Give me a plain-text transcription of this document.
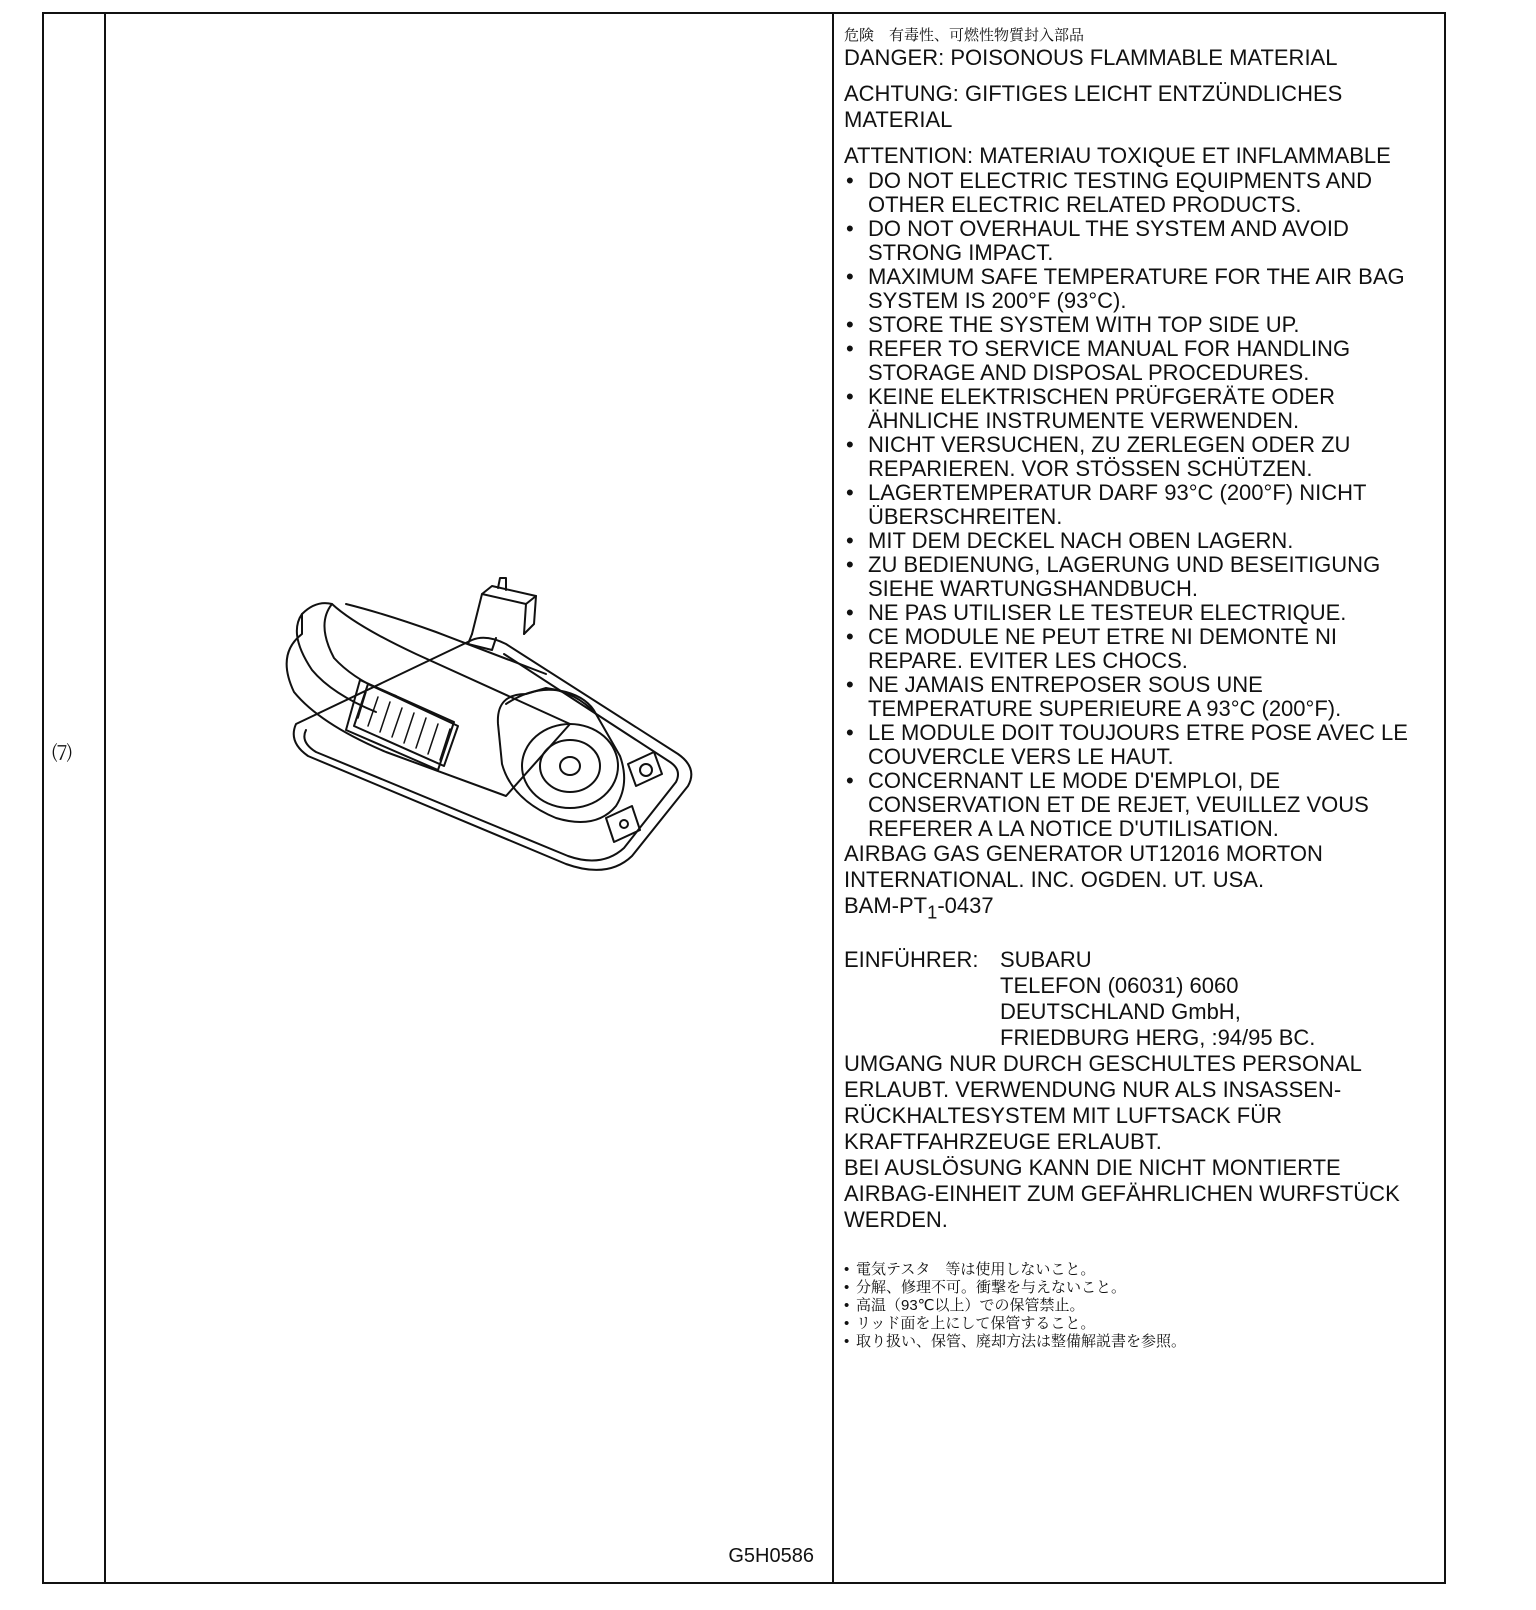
⑺
G5H0586

危険　有毒性、可燃性物質封入部品

DANGER: POISONOUS FLAMMABLE MATERIAL

ACHTUNG: GIFTIGES LEICHT ENTZÜNDLICHES MATERIAL

ATTENTION: MATERIAU TOXIQUE ET INFLAMMABLE

• DO NOT ELECTRIC TESTING EQUIPMENTS AND OTHER ELECTRIC RELATED PRODUCTS.
• DO NOT OVERHAUL THE SYSTEM AND AVOID STRONG IMPACT.
• MAXIMUM SAFE TEMPERATURE FOR THE AIR BAG SYSTEM IS 200°F (93°C).
• STORE THE SYSTEM WITH TOP SIDE UP.
• REFER TO SERVICE MANUAL FOR HANDLING STORAGE AND DISPOSAL PROCEDURES.
• KEINE ELEKTRISCHEN PRÜFGERÄTE ODER ÄHNLICHE INSTRUMENTE VERWENDEN.
• NICHT VERSUCHEN, ZU ZERLEGEN ODER ZU REPARIEREN. VOR STÖSSEN SCHÜTZEN.
• LAGERTEMPERATUR DARF 93°C (200°F) NICHT ÜBERSCHREITEN.
• MIT DEM DECKEL NACH OBEN LAGERN.
• ZU BEDIENUNG, LAGERUNG UND BESEITIGUNG SIEHE WARTUNGSHANDBUCH.
• NE PAS UTILISER LE TESTEUR ELECTRIQUE.
• CE MODULE NE PEUT ETRE NI DEMONTE NI REPARE. EVITER LES CHOCS.
• NE JAMAIS ENTREPOSER SOUS UNE TEMPERATURE SUPERIEURE A 93°C (200°F).
• LE MODULE DOIT TOUJOURS ETRE POSE AVEC LE COUVERCLE VERS LE HAUT.
• CONCERNANT LE MODE D'EMPLOI, DE CONSERVATION ET DE REJET, VEUILLEZ VOUS REFERER A LA NOTICE D'UTILISATION.

AIRBAG GAS GENERATOR UT12016 MORTON INTERNATIONAL. INC. OGDEN. UT. USA.

BAM-$PT_1-0437$

EINFÜHRER: SUBARU
TELEFON (06031) 6060
DEUTSCHLAND GmbH,
FRIEDBURG HERG, :94/95 BC.

UMGANG NUR DURCH GESCHULTES PERSONAL ERLAUBT. VERWENDUNG NUR ALS INSASSEN-RÜCKHALTESYSTEM MIT LUFTSACK FÜR KRAFTFAHRZEUGE ERLAUBT.

BEI AUSLÖSUNG KANN DIE NICHT MONTIERTE AIRBAG-EINHEIT ZUM GEFÄHRLICHEN WURFSTÜCK WERDEN.

• 電気テスタ　等は使用しないこと。
• 分解、修理不可。衝撃を与えないこと。
• 高温（93℃以上）での保管禁止。
• リッド面を上にして保管すること。
• 取り扱い、保管、廃却方法は整備解説書を参照。
